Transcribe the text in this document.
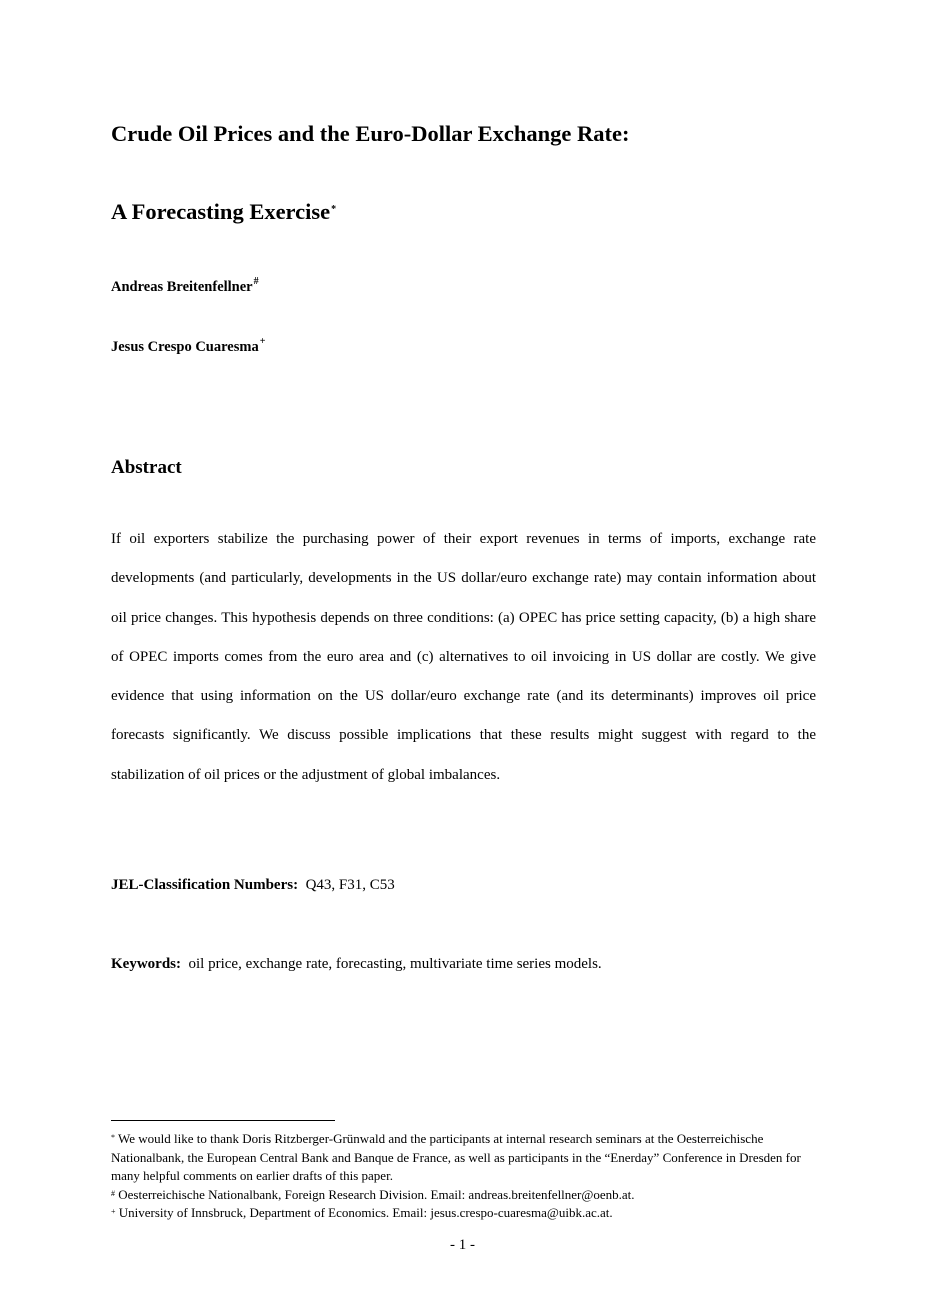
Crude Oil Prices and the Euro-Dollar Exchange Rate:
A Forecasting Exercise*
Andreas Breitenfellner#
Jesus Crespo Cuaresma+
Abstract
If oil exporters stabilize the purchasing power of their export revenues in terms of imports, exchange rate developments (and particularly, developments in the US dollar/euro exchange rate) may contain information about oil price changes. This hypothesis depends on three conditions: (a) OPEC has price setting capacity, (b) a high share of OPEC imports comes from the euro area and (c) alternatives to oil invoicing in US dollar are costly. We give evidence that using information on the US dollar/euro exchange rate (and its determinants) improves oil price forecasts significantly. We discuss possible implications that these results might suggest with regard to the stabilization of oil prices or the adjustment of global imbalances.
JEL-Classification Numbers: Q43, F31, C53
Keywords: oil price, exchange rate, forecasting, multivariate time series models.
* We would like to thank Doris Ritzberger-Grünwald and the participants at internal research seminars at the Oesterreichische Nationalbank, the European Central Bank and Banque de France, as well as participants in the “Enerday” Conference in Dresden for many helpful comments on earlier drafts of this paper.
# Oesterreichische Nationalbank, Foreign Research Division. Email: andreas.breitenfellner@oenb.at.
+ University of Innsbruck, Department of Economics. Email: jesus.crespo-cuaresma@uibk.ac.at.
- 1 -
